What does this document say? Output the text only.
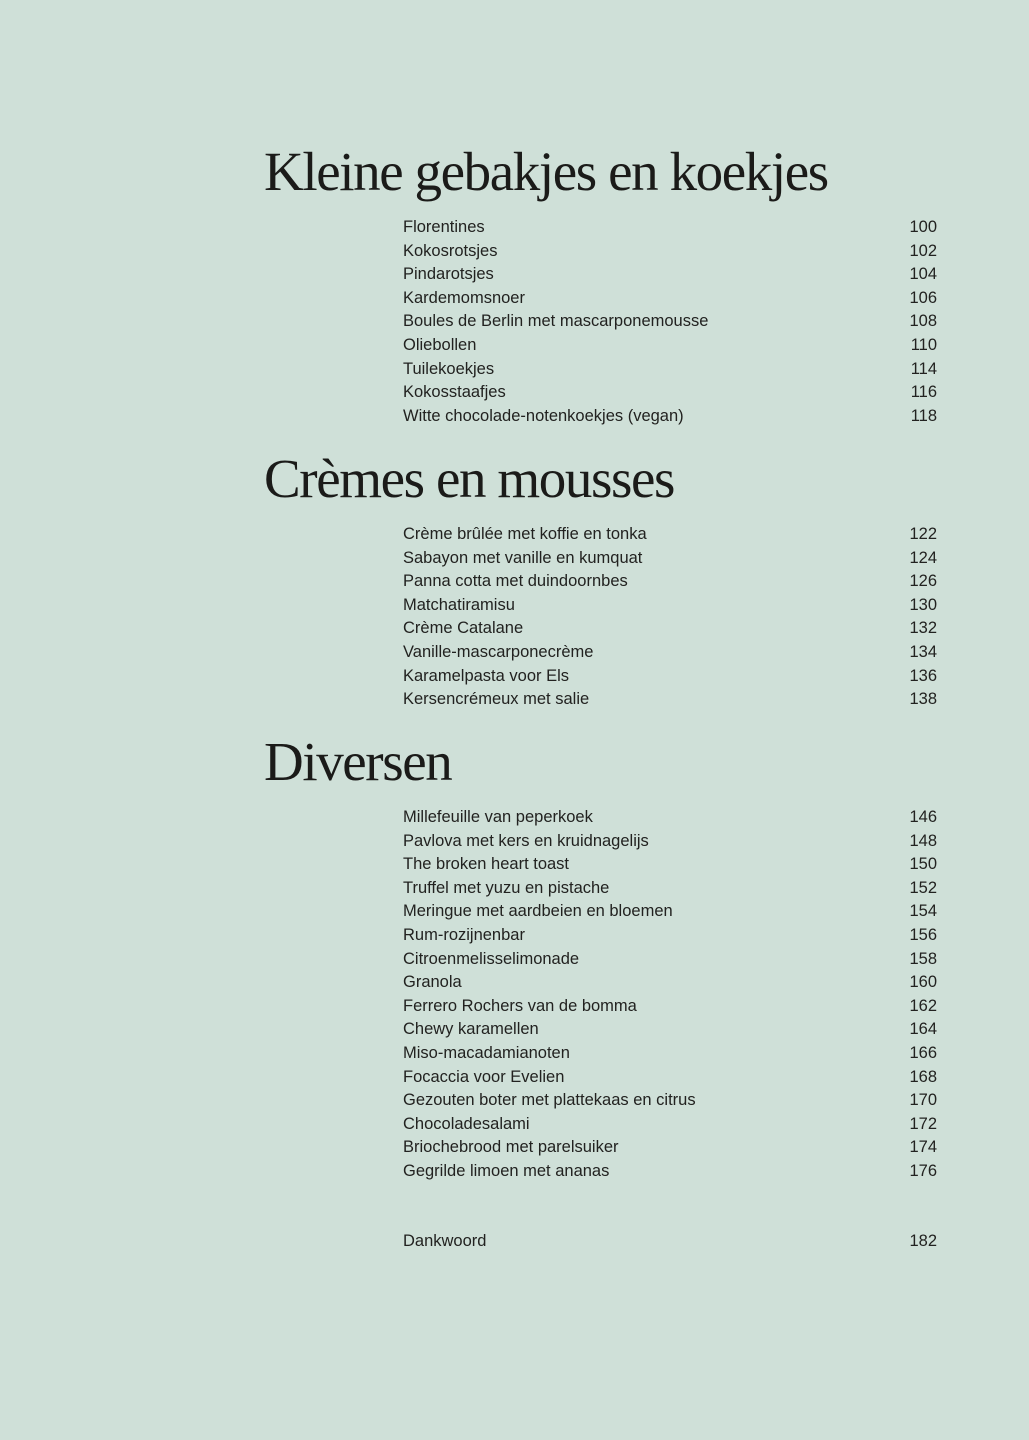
Kleine gebakjes en koekjes
Florentines	100
Kokosrotsjes	102
Pindarotsjes	104
Kardemomsnoer	106
Boules de Berlin met mascarponemousse	108
Oliebollen	110
Tuilekoekjes	114
Kokosstaafjes	116
Witte chocolade-notenkoekjes (vegan)	118
Crèmes en mousses
Crème brûlée met koffie en tonka	122
Sabayon met vanille en kumquat	124
Panna cotta met duindoornbes	126
Matchatiramisu	130
Crème Catalane	132
Vanille-mascarponecrème	134
Karamelpasta voor Els	136
Kersencrémeux met salie	138
Diversen
Millefeuille van peperkoek	146
Pavlova met kers en kruidnagelijs	148
The broken heart toast	150
Truffel met yuzu en pistache	152
Meringue met aardbeien en bloemen	154
Rum-rozijnenbar	156
Citroenmelisselimonade	158
Granola	160
Ferrero Rochers van de bomma	162
Chewy karamellen	164
Miso-macadamianoten	166
Focaccia voor Evelien	168
Gezouten boter met plattekaas en citrus	170
Chocoladesalami	172
Briochebrood met parelsuiker	174
Gegrilde limoen met ananas	176
Dankwoord	182
